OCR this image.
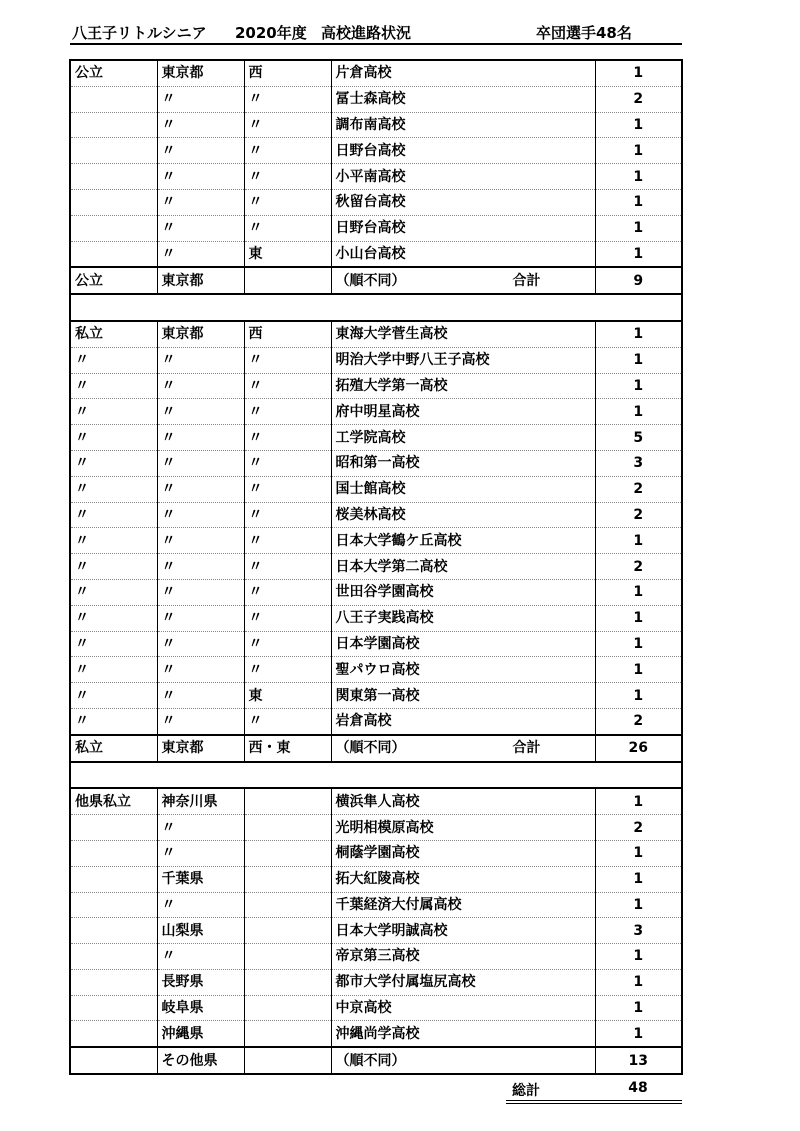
八王子リトルシニア 2020年度 高校進路状況	卒団選手48名
公立	東京都	西	片倉高校	1
	〃	〃	冨士森高校	2
	〃	〃	調布南高校	1
	〃	〃	日野台高校	1
	〃	〃	小平南高校	1
	〃	〃	秋留台高校	1
	〃	〃	日野台高校	1
	〃	東	小山台高校	1
公立	東京都		（順不同） 合計	9

私立	東京都	西	東海大学菅生高校	1
〃	〃	〃	明治大学中野八王子高校	1
〃	〃	〃	拓殖大学第一高校	1
〃	〃	〃	府中明星高校	1
〃	〃	〃	工学院高校	5
〃	〃	〃	昭和第一高校	3
〃	〃	〃	国士館高校	2
〃	〃	〃	桜美林高校	2
〃	〃	〃	日本大学鶴ケ丘高校	1
〃	〃	〃	日本大学第二高校	2
〃	〃	〃	世田谷学園高校	1
〃	〃	〃	八王子実践高校	1
〃	〃	〃	日本学園高校	1
〃	〃	〃	聖パウロ高校	1
〃	〃	東	関東第一高校	1
〃	〃	〃	岩倉高校	2
私立	東京都	西・東	（順不同） 合計	26

他県私立	神奈川県		横浜隼人高校	1
	〃		光明相模原高校	2
	〃		桐蔭学園高校	1
	千葉県		拓大紅陵高校	1
	〃		千葉経済大付属高校	1
	山梨県		日本大学明誠高校	3
	〃		帝京第三高校	1
	長野県		都市大学付属塩尻高校	1
	岐阜県		中京高校	1
	沖縄県		沖縄尚学高校	1
	その他県		（順不同）	13
総計	48
